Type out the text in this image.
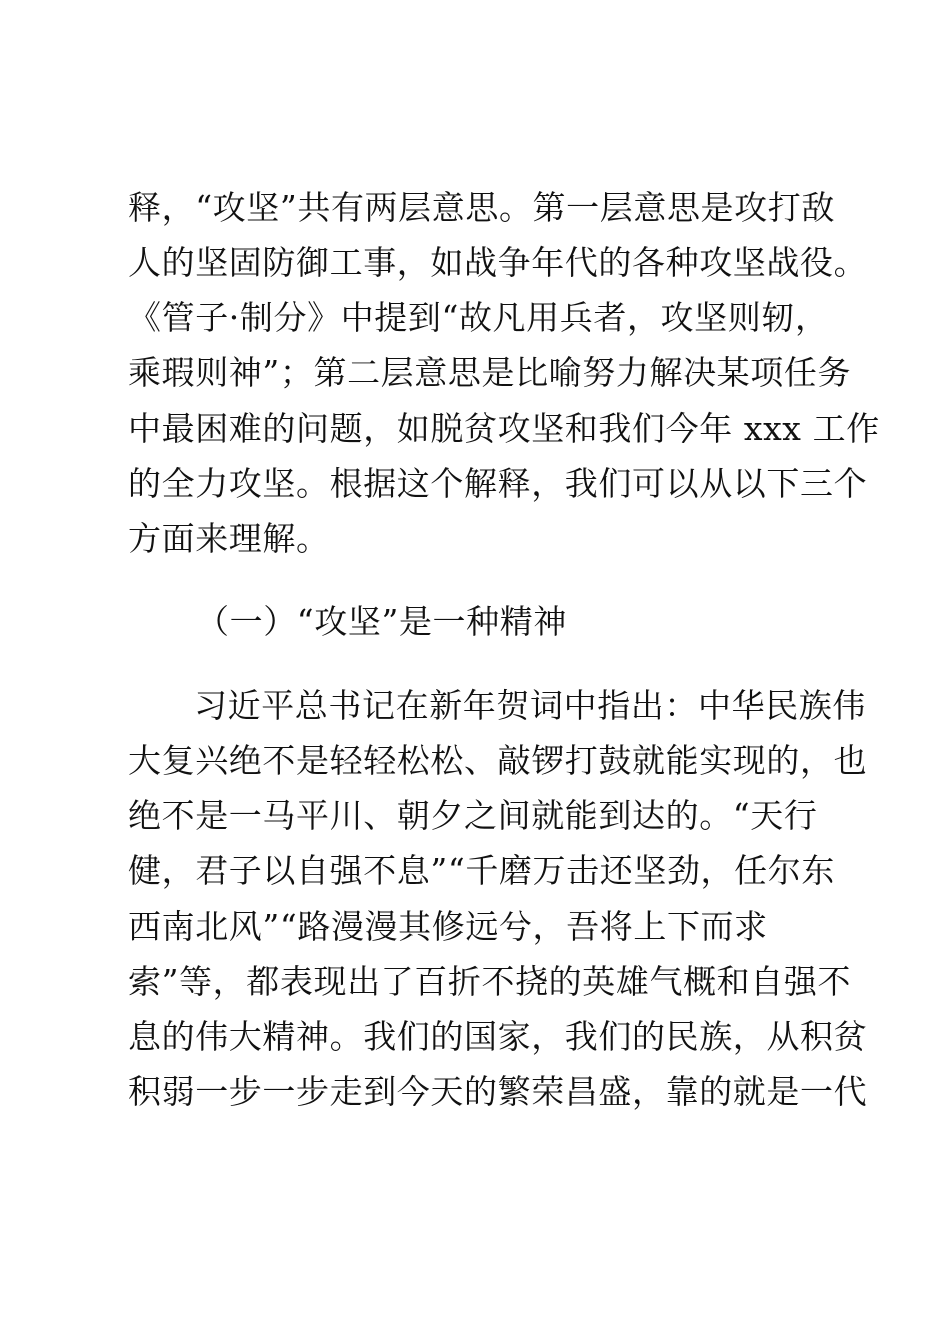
释，“攻坚”共有两层意思。第一层意思是攻打敌
人的坚固防御工事，如战争年代的各种攻坚战役。
《管子·制分》中提到“故凡用兵者，攻坚则轫，
乘瑕则神”；第二层意思是比喻努力解决某项任务
中最困难的问题，如脱贫攻坚和我们今年 xxx 工作
的全力攻坚。根据这个解释，我们可以从以下三个
方面来理解。
（一）“攻坚”是一种精神
习近平总书记在新年贺词中指出：中华民族伟
大复兴绝不是轻轻松松、敲锣打鼓就能实现的，也
绝不是一马平川、朝夕之间就能到达的。“天行
健，君子以自强不息”“千磨万击还坚劲，任尔东
西南北风”“路漫漫其修远兮，吾将上下而求
索”等，都表现出了百折不挠的英雄气概和自强不
息的伟大精神。我们的国家，我们的民族，从积贫
积弱一步一步走到今天的繁荣昌盛，靠的就是一代
